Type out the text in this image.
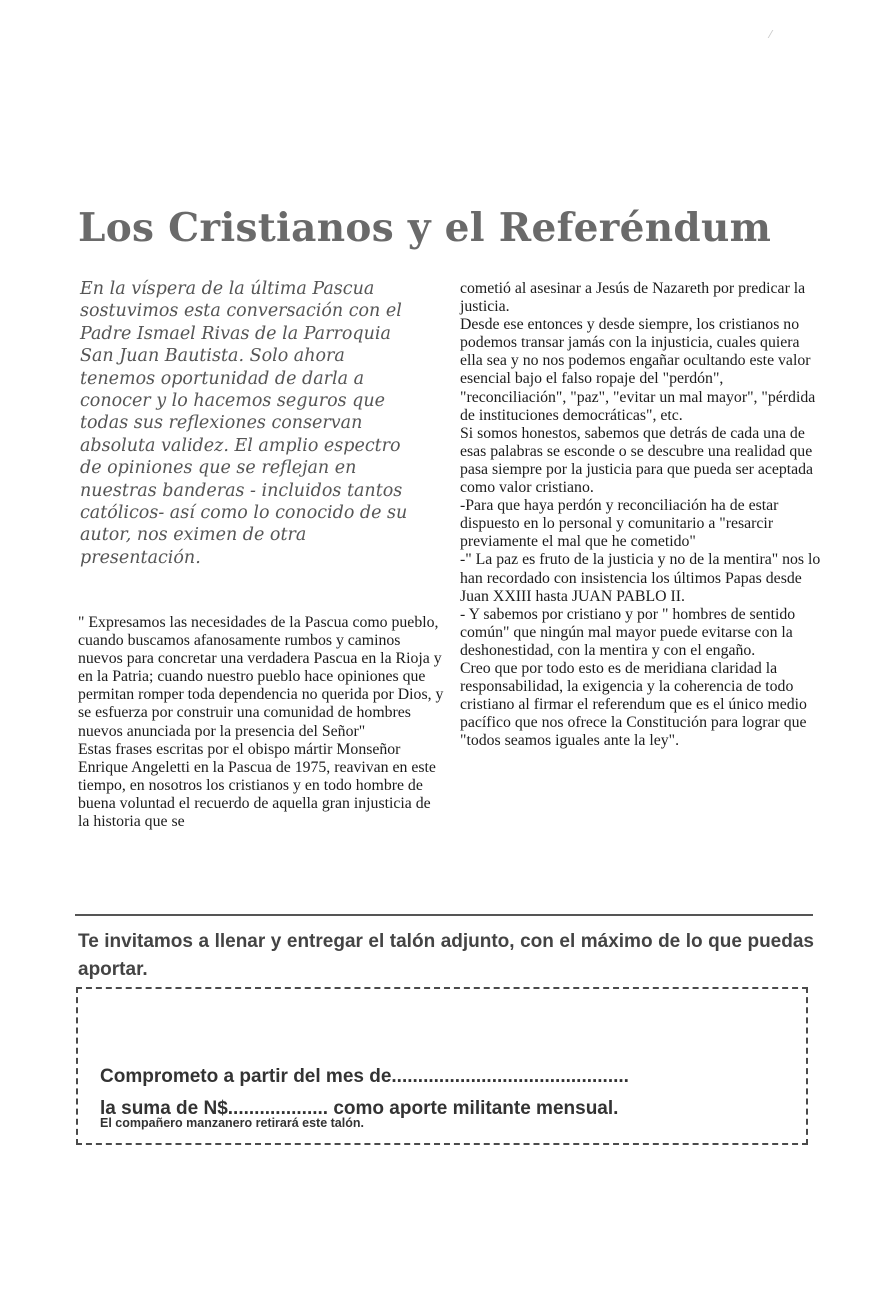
Los Cristianos y el Referéndum
En la víspera de la última Pascua sostuvimos esta conversación con el Padre Ismael Rivas de la Parroquia San Juan Bautista. Solo ahora tenemos oportunidad de darla a conocer y lo hacemos seguros que todas sus reflexiones conservan absoluta validez. El amplio espectro de opiniones que se reflejan en nuestras banderas - incluidos tantos católicos- así como lo conocido de su autor, nos eximen de otra presentación.

" Expresamos las necesidades de la Pascua como pueblo, cuando buscamos afanosamente rumbos y caminos nuevos para concretar una verdadera Pascua en la Rioja y en la Patria; cuando nuestro pueblo hace opiniones que permitan romper toda dependencia no querida por Dios, y se esfuerza por construir una comunidad de hombres nuevos anunciada por la presencia del Señor"

Estas frases escritas por el obispo mártir Monseñor Enrique Angeletti en la Pascua de 1975, reavivan en este tiempo, en nosotros los cristianos y en todo hombre de buena voluntad el recuerdo de aquella gran injusticia de la historia que se

cometió al asesinar a Jesús de Nazareth por predicar la justicia.

Desde ese entonces y desde siempre, los cristianos no podemos transar jamás con la injusticia, cuales quiera ella sea y no nos podemos engañar ocultando este valor esencial bajo el falso ropaje del "perdón", "reconciliación", "paz", "evitar un mal mayor", "pérdida de instituciones democráticas", etc.

Si somos honestos, sabemos que detrás de cada una de esas palabras se esconde o se descubre una realidad que pasa siempre por la justicia para que pueda ser aceptada como valor cristiano.

-Para que haya perdón y reconciliación ha de estar dispuesto en lo personal y comunitario a "resarcir previamente el mal que he cometido"

-" La paz es fruto de la justicia y no de la mentira" nos lo han recordado con insistencia los últimos Papas desde Juan XXIII hasta JUAN PABLO II.

- Y sabemos por cristiano y por " hombres de sentido común" que ningún mal mayor puede evitarse con la deshonestidad, con la mentira y con el engaño.

Creo que por todo esto es de meridiana claridad la responsabilidad, la exigencia y la coherencia de todo cristiano al firmar el referendum que es el único medio pacífico que nos ofrece la Constitución para lograr que "todos seamos iguales ante la ley".

Te invitamos a llenar y entregar el talón adjunto, con el máximo de lo que puedas aportar.
Comprometo a partir del mes de.............................................
la suma de N$................... como aporte militante mensual.
El compañero manzanero retirará este talón.
